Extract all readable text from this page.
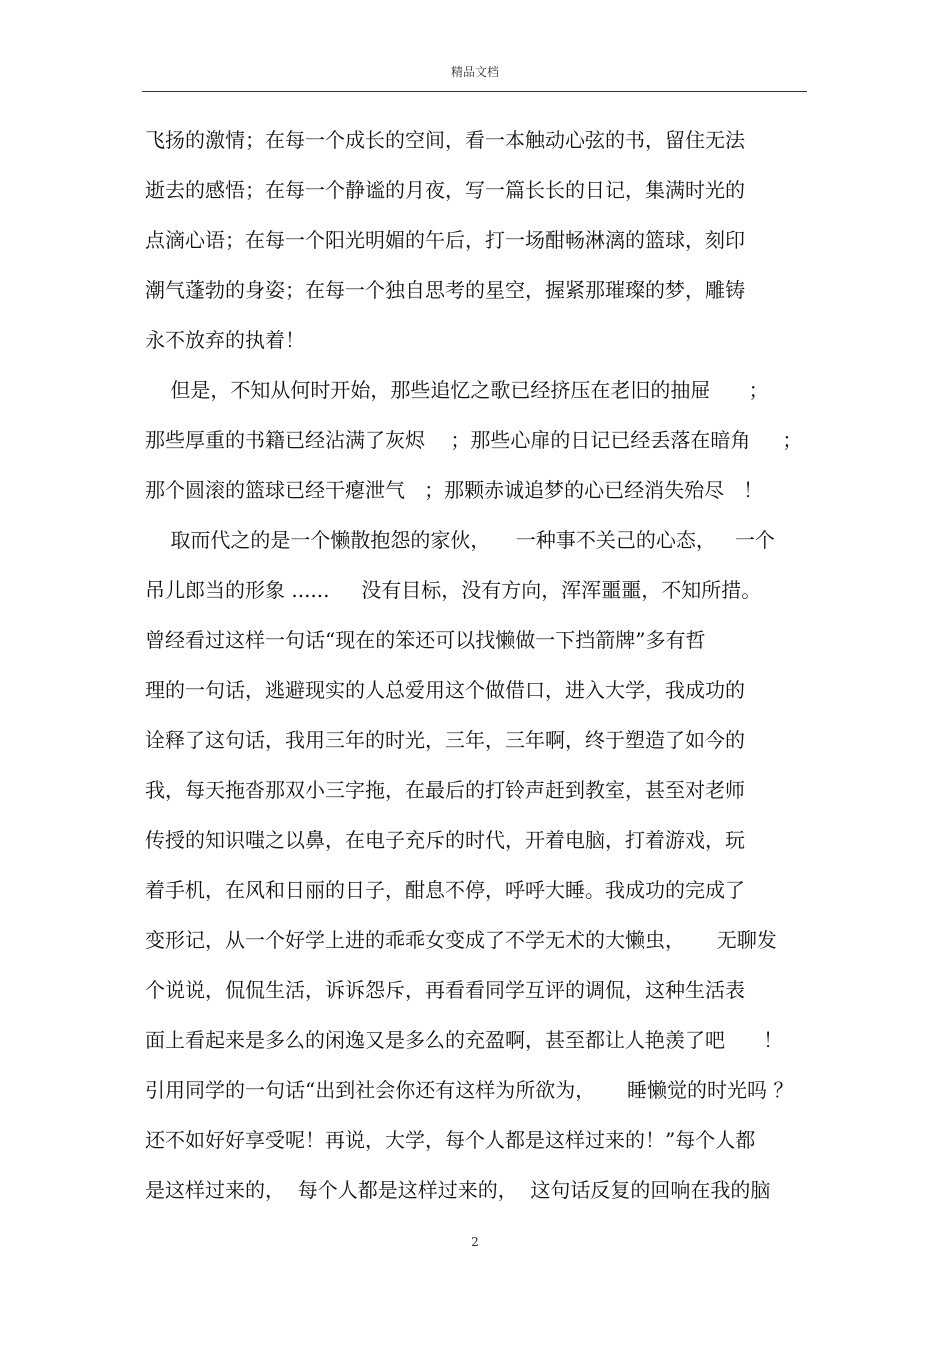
精品文档
飞扬的激情；在每一个成长的空间，看一本触动心弦的书，留住无法
逝去的感悟；在每一个静谧的月夜，写一篇长长的日记，集满时光的
点滴心语；在每一个阳光明媚的午后，打一场酣畅淋漓的篮球，刻印
潮气蓬勃的身姿；在每一个独自思考的星空，握紧那璀璨的梦，雕铸
永不放弃的执着！
但是，不知从何时开始，那些追忆之歌已经挤压在老旧的抽屉      ；
那些厚重的书籍已经沾满了灰烬    ；那些心扉的日记已经丢落在暗角     ；
那个圆滚的篮球已经干瘪泄气   ；那颗赤诚追梦的心已经消失殆尽   ！
取而代之的是一个懒散抱怨的家伙，    一种事不关己的心态，   一个
吊儿郎当的形象 ......     没有目标，没有方向，浑浑噩噩，不知所措。
曾经看过这样一句话“现在的笨还可以找懒做一下挡箭牌”多有哲
理的一句话，逃避现实的人总爱用这个做借口，进入大学，我成功的
诠释了这句话，我用三年的时光，三年，三年啊，终于塑造了如今的
我，每天拖沓那双小三字拖，在最后的打铃声赶到教室，甚至对老师
传授的知识嗤之以鼻，在电子充斥的时代，开着电脑，打着游戏，玩
着手机，在风和日丽的日子，酣息不停，呼呼大睡。我成功的完成了
变形记，从一个好学上进的乖乖女变成了不学无术的大懒虫，     无聊发
个说说，侃侃生活，诉诉怨斥，再看看同学互评的调侃，这种生活表
面上看起来是多么的闲逸又是多么的充盈啊，甚至都让人艳羡了吧      ！
引用同学的一句话“出到社会你还有这样为所欲为，     睡懒觉的时光吗 ？
还不如好好享受呢！再说，大学，每个人都是这样过来的！”每个人都
是这样过来的，  每个人都是这样过来的，  这句话反复的回响在我的脑
2
